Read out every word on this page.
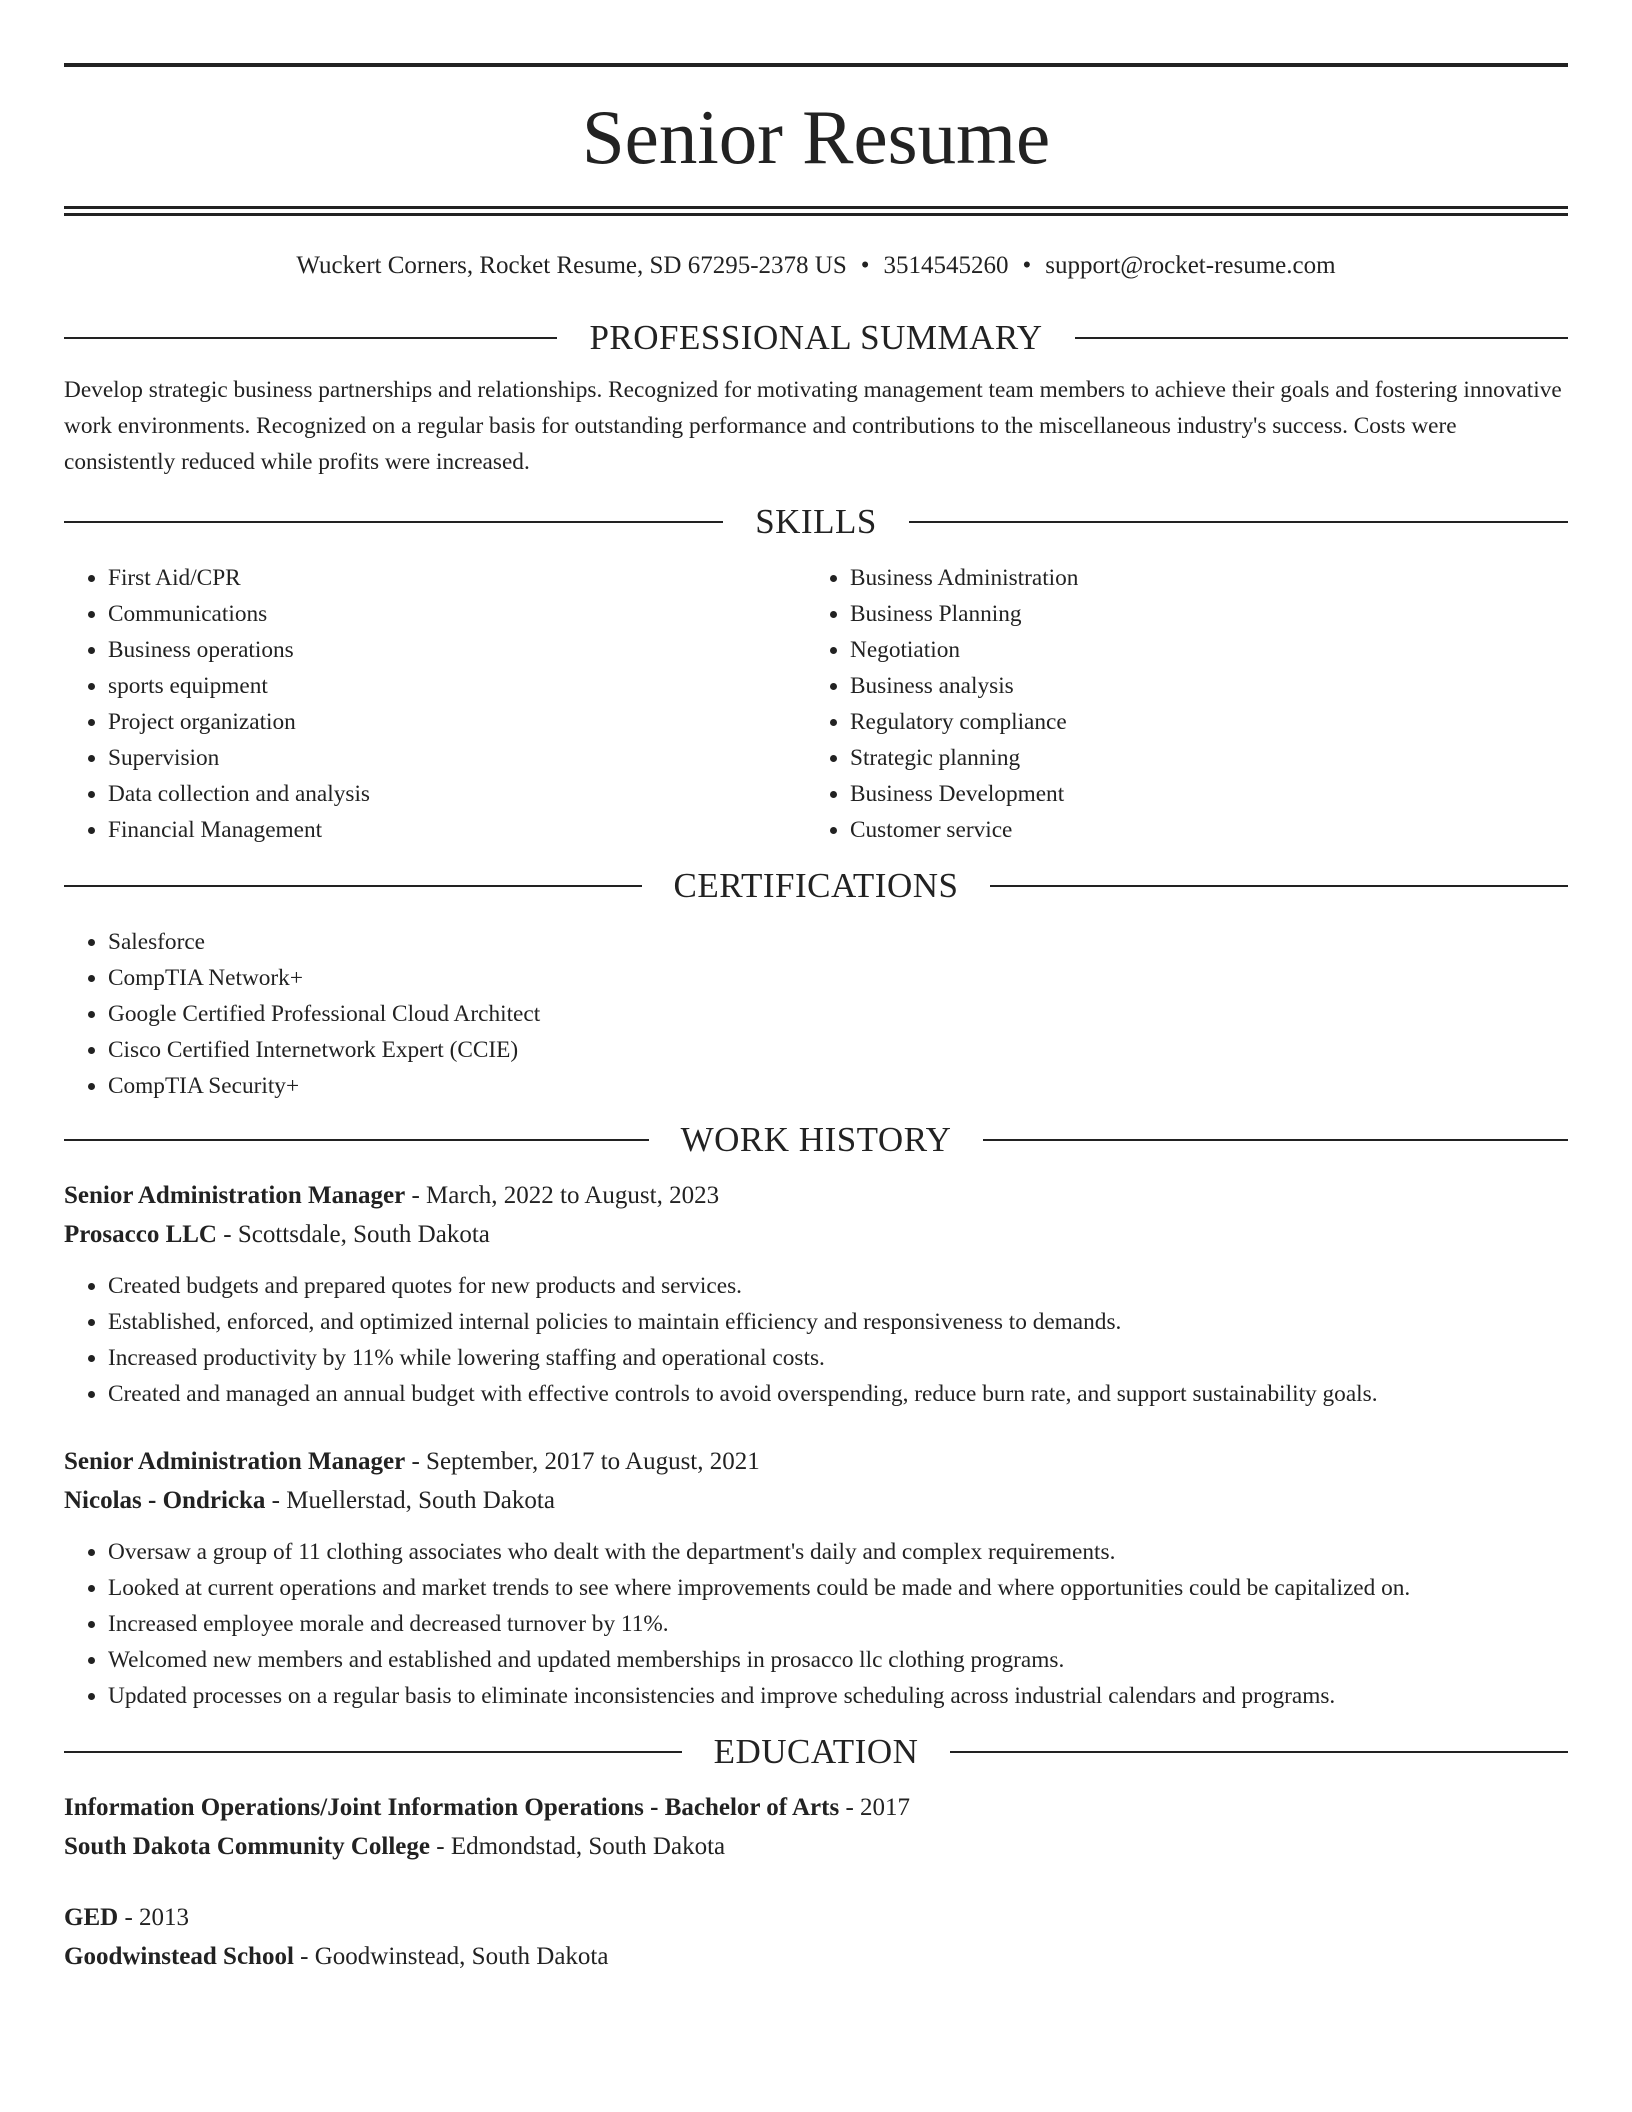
Senior Resume
Wuckert Corners, Rocket Resume, SD 67295-2378 US • 3514545260 • support@rocket-resume.com
PROFESSIONAL SUMMARY

Develop strategic business partnerships and relationships. Recognized for motivating management team members to achieve their goals and fostering innovative work environments. Recognized on a regular basis for outstanding performance and contributions to the miscellaneous industry's success. Costs were consistently reduced while profits were increased.

SKILLS
• First Aid/CPR
• Communications
• Business operations
• sports equipment
• Project organization
• Supervision
• Data collection and analysis
• Financial Management
• Business Administration
• Business Planning
• Negotiation
• Business analysis
• Regulatory compliance
• Strategic planning
• Business Development
• Customer service
CERTIFICATIONS
• Salesforce
• CompTIA Network+
• Google Certified Professional Cloud Architect
• Cisco Certified Internetwork Expert (CCIE)
• CompTIA Security+
WORK HISTORY
Senior Administration Manager - March, 2022 to August, 2023
Prosacco LLC - Scottsdale, South Dakota
• Created budgets and prepared quotes for new products and services.
• Established, enforced, and optimized internal policies to maintain efficiency and responsiveness to demands.
• Increased productivity by 11% while lowering staffing and operational costs.
• Created and managed an annual budget with effective controls to avoid overspending, reduce burn rate, and support sustainability goals.
Senior Administration Manager - September, 2017 to August, 2021
Nicolas - Ondricka - Muellerstad, South Dakota
• Oversaw a group of 11 clothing associates who dealt with the department's daily and complex requirements.
• Looked at current operations and market trends to see where improvements could be made and where opportunities could be capitalized on.
• Increased employee morale and decreased turnover by 11%.
• Welcomed new members and established and updated memberships in prosacco llc clothing programs.
• Updated processes on a regular basis to eliminate inconsistencies and improve scheduling across industrial calendars and programs.
EDUCATION
Information Operations/Joint Information Operations - Bachelor of Arts - 2017
South Dakota Community College - Edmondstad, South Dakota
GED - 2013
Goodwinstead School - Goodwinstead, South Dakota
